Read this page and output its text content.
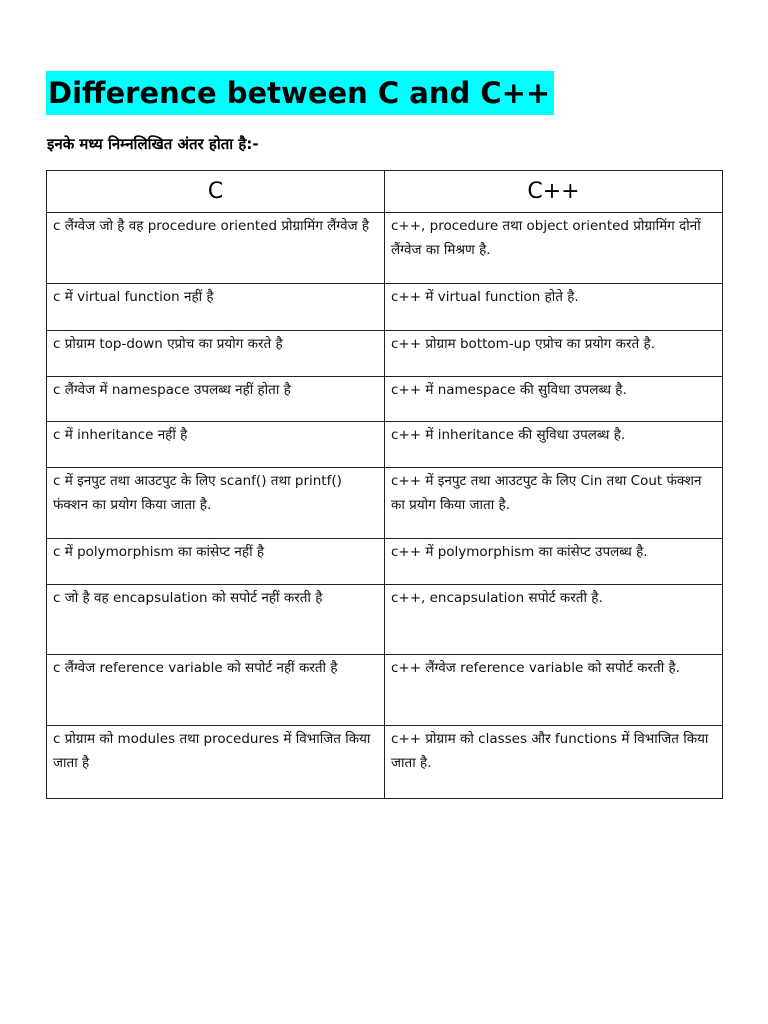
Difference between C and C++
इनके मध्य निम्नलिखित अंतर होता है:-
C	C++
c लैंग्वेज जो है वह procedure oriented प्रोग्रामिंग लैंग्वेज है	c++, procedure तथा object oriented प्रोग्रामिंग दोनों लैंग्वेज का मिश्रण है.
c में virtual function नहीं है	c++ में virtual function होते है.
c प्रोग्राम top-down एप्रोच का प्रयोग करते है	c++ प्रोग्राम bottom-up एप्रोच का प्रयोग करते है.
c लैंग्वेज में namespace उपलब्ध नहीं होता है	c++ में namespace की सुविधा उपलब्ध है.
c में inheritance नहीं है	c++ में inheritance की सुविधा उपलब्ध है.
c में इनपुट तथा आउटपुट के लिए scanf() तथा printf() फंक्शन का प्रयोग किया जाता है.	c++ में इनपुट तथा आउटपुट के लिए Cin तथा Cout फंक्शन का प्रयोग किया जाता है.
c में polymorphism का कांसेप्ट नहीं है	c++ में polymorphism का कांसेप्ट उपलब्ध है.
c जो है वह encapsulation को सपोर्ट नहीं करती है	c++, encapsulation सपोर्ट करती है.
c लैंग्वेज reference variable को सपोर्ट नहीं करती है	c++ लैंग्वेज reference variable को सपोर्ट करती है.
c प्रोग्राम को modules तथा procedures में विभाजित किया जाता है	c++ प्रोग्राम को classes और functions में विभाजित किया जाता है.
